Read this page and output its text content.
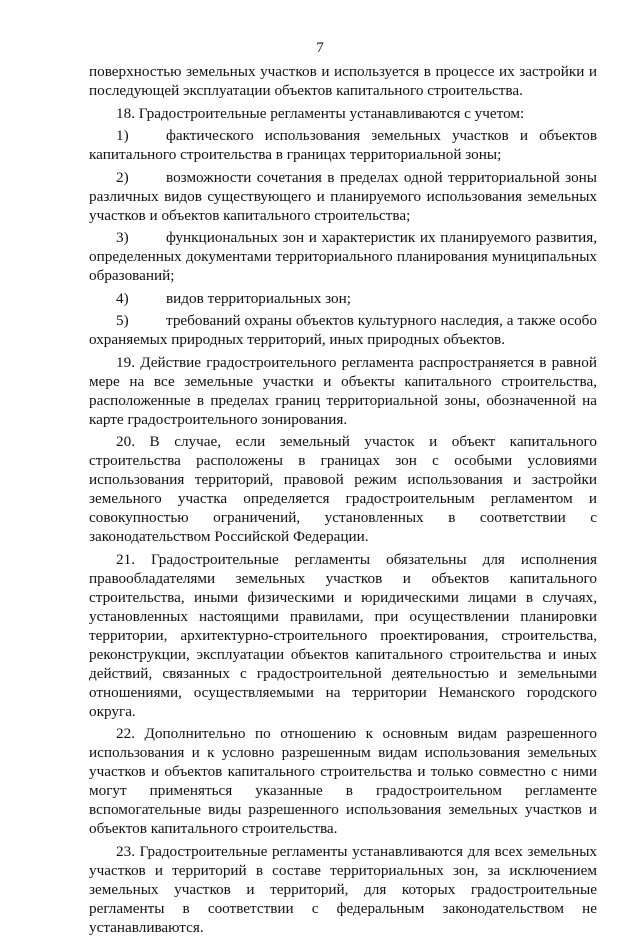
7

поверхностью земельных участков и используется в процессе их застройки и последующей эксплуатации объектов капитального строительства.

18. Градостроительные регламенты устанавливаются с учетом:

1) фактического использования земельных участков и объектов капитального строительства в границах территориальной зоны;

2) возможности сочетания в пределах одной территориальной зоны различных видов существующего и планируемого использования земельных участков и объектов капитального строительства;

3) функциональных зон и характеристик их планируемого развития, определенных документами территориального планирования муниципальных образований;

4) видов территориальных зон;

5) требований охраны объектов культурного наследия, а также особо охраняемых природных территорий, иных природных объектов.

19. Действие градостроительного регламента распространяется в равной мере на все земельные участки и объекты капитального строительства, расположенные в пределах границ территориальной зоны, обозначенной на карте градостроительного зонирования.

20. В случае, если земельный участок и объект капитального строительства расположены в границах зон с особыми условиями использования территорий, правовой режим использования и застройки земельного участка определяется градостроительным регламентом и совокупностью ограничений, установленных в соответствии с законодательством Российской Федерации.

21. Градостроительные регламенты обязательны для исполнения правообладателями земельных участков и объектов капитального строительства, иными физическими и юридическими лицами в случаях, установленных настоящими правилами, при осуществлении планировки территории, архитектурно-строительного проектирования, строительства, реконструкции, эксплуатации объектов капитального строительства и иных действий, связанных с градостроительной деятельностью и земельными отношениями, осуществляемыми на территории Неманского городского округа.

22. Дополнительно по отношению к основным видам разрешенного использования и к условно разрешенным видам использования земельных участков и объектов капитального строительства и только совместно с ними могут применяться указанные в градостроительном регламенте вспомогательные виды разрешенного использования земельных участков и объектов капитального строительства.

23. Градостроительные регламенты устанавливаются для всех земельных участков и территорий в составе территориальных зон, за исключением земельных участков и территорий, для которых градостроительные регламенты в соответствии с федеральным законодательством не устанавливаются.
